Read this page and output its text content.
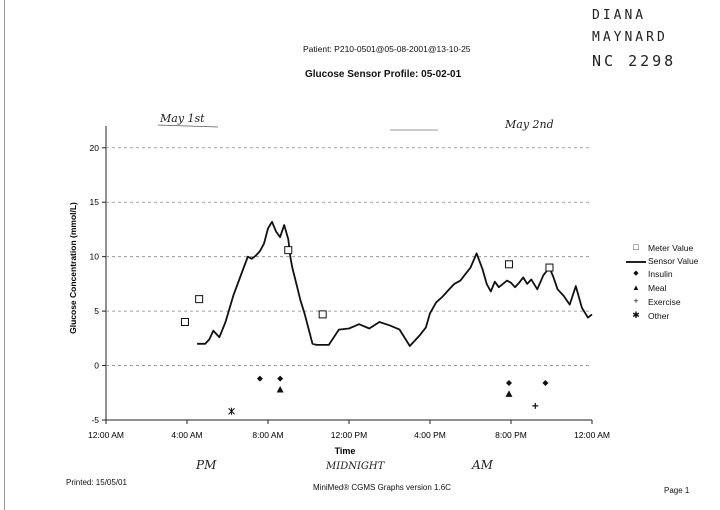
Patient: P210-0501@05-08-2001@13-10-25
Glucose Sensor Profile: 05-02-01
DIANA
MAYNARD
NC 2298
May 1st	May 2nd
PM	MIDNIGHT	AM
-5
0
5
10
15
20
12:00 AM	4:00 AM	8:00 AM	12:00 PM	4:00 PM	8:00 PM	12:00 AM
Time
Glucose Concentration (mmol/L)	Meter Value
Sensor Value
Insulin
Meal
Exercise
Other
□
◆
▲
+
✱
Printed: 15/05/01
MiniMed® CGMS Graphs version 1.6C	Page 1
